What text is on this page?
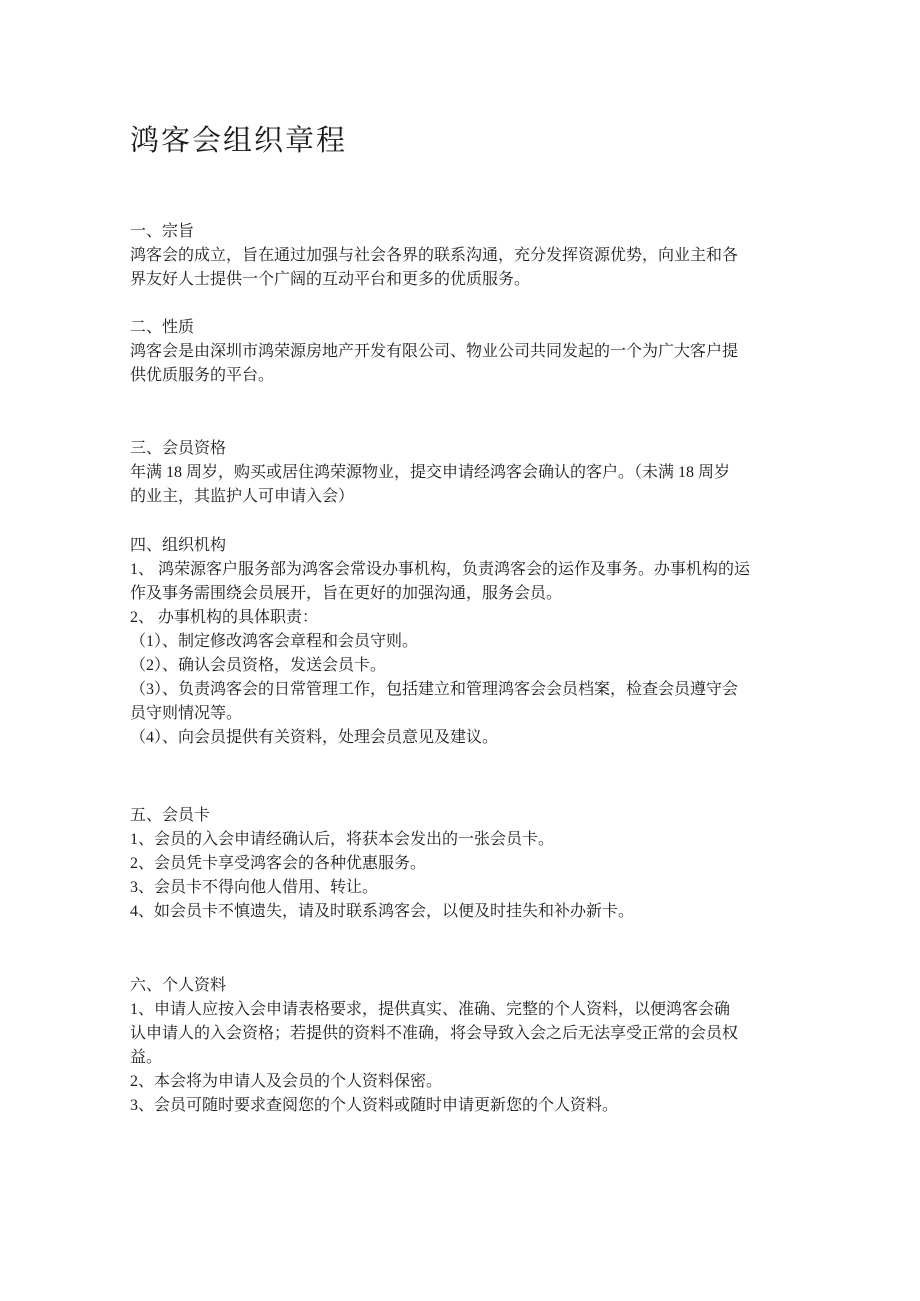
鸿客会组织章程
一、宗旨
鸿客会的成立，旨在通过加强与社会各界的联系沟通，充分发挥资源优势，向业主和各
界友好人士提供一个广阔的互动平台和更多的优质服务。
二、性质
鸿客会是由深圳市鸿荣源房地产开发有限公司、物业公司共同发起的一个为广大客户提
供优质服务的平台。
三、会员资格
年满 18 周岁，购买或居住鸿荣源物业，提交申请经鸿客会确认的客户。（未满 18 周岁
的业主，其监护人可申请入会）
四、组织机构
1、 鸿荣源客户服务部为鸿客会常设办事机构，负责鸿客会的运作及事务。办事机构的运
作及事务需围绕会员展开，旨在更好的加强沟通，服务会员。
2、 办事机构的具体职责：
（1）、制定修改鸿客会章程和会员守则。
（2）、确认会员资格，发送会员卡。
（3）、负责鸿客会的日常管理工作，包括建立和管理鸿客会会员档案，检查会员遵守会
员守则情况等。
（4）、向会员提供有关资料，处理会员意见及建议。
五、会员卡
1、会员的入会申请经确认后，将获本会发出的一张会员卡。
2、会员凭卡享受鸿客会的各种优惠服务。
3、会员卡不得向他人借用、转让。
4、如会员卡不慎遗失，请及时联系鸿客会，以便及时挂失和补办新卡。
六、个人资料
1、申请人应按入会申请表格要求，提供真实、准确、完整的个人资料，以便鸿客会确
认申请人的入会资格；若提供的资料不准确，将会导致入会之后无法享受正常的会员权
益。
2、本会将为申请人及会员的个人资料保密。
3、会员可随时要求查阅您的个人资料或随时申请更新您的个人资料。
